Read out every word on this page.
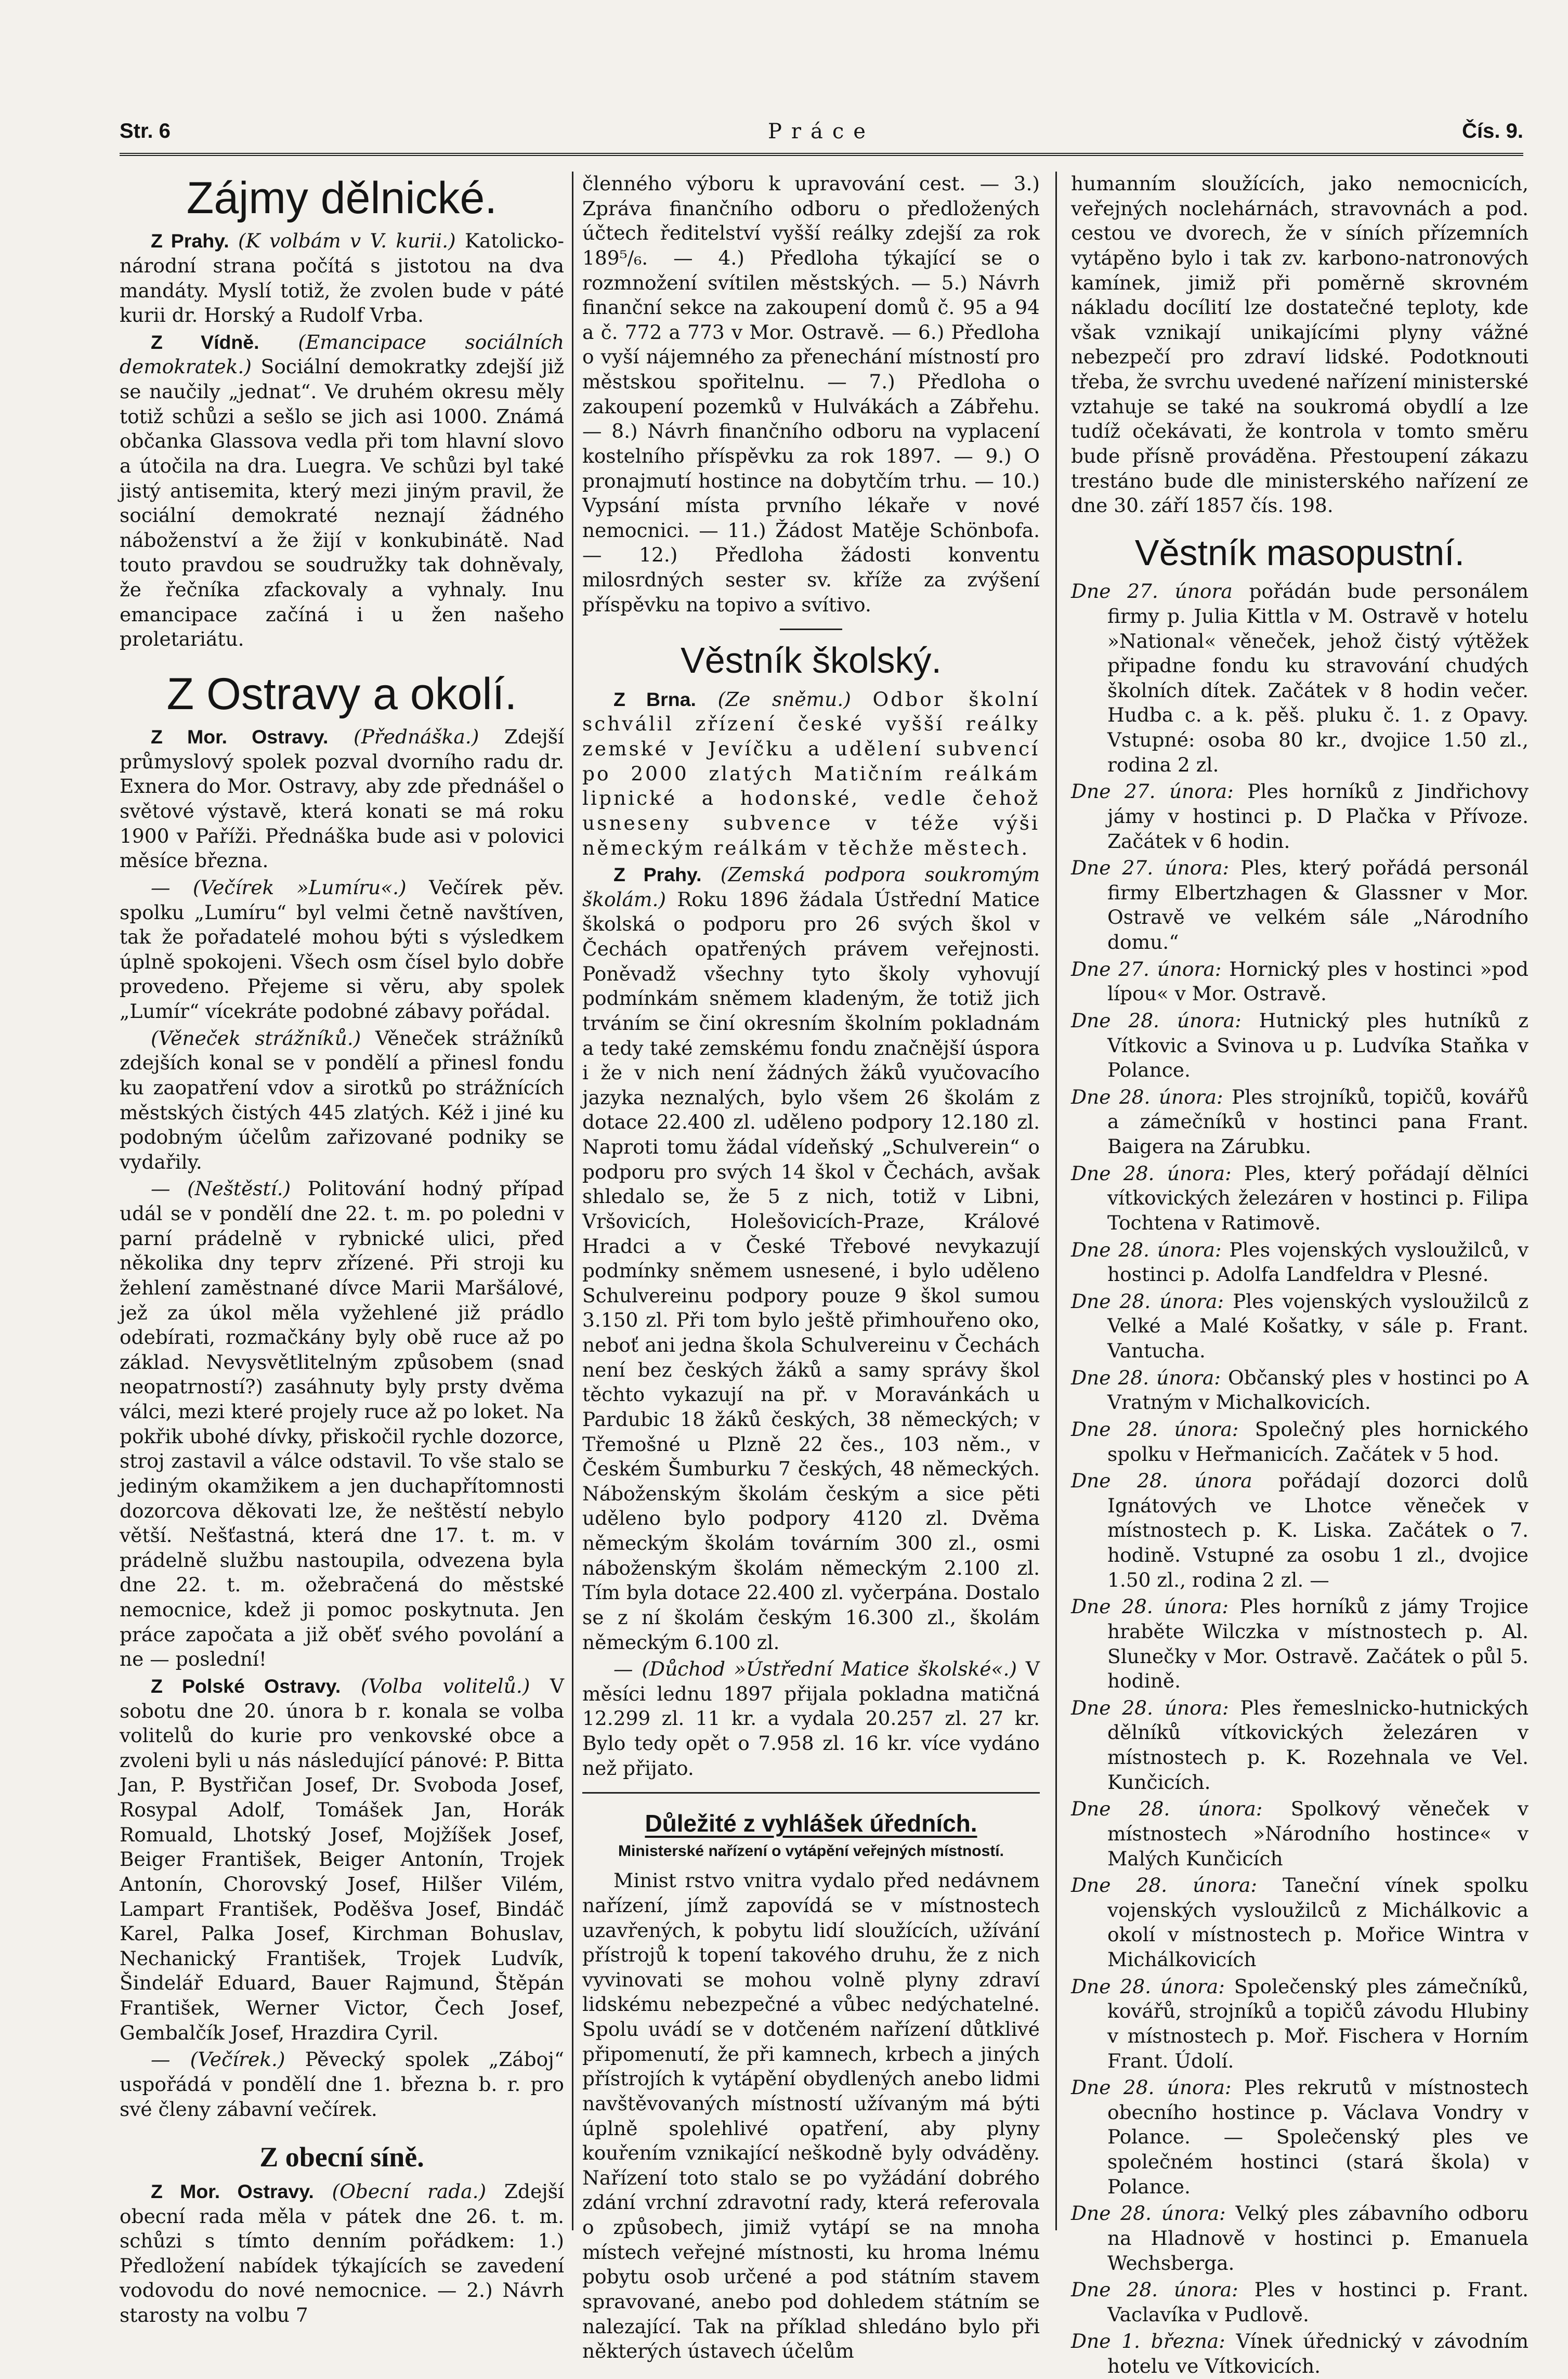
Str. 6	Práce	Čís. 9.
Zájmy dělnické.

Z Prahy. (K volbám v V. kurii.) Katolicko-národní strana počítá s jistotou na dva mandáty. Myslí totiž, že zvolen bude v páté kurii dr. Horský a Rudolf Vrba.

Z Vídně. (Emancipace sociálních demokratek.) Sociální demokratky zdejší již se naučily „jednat“. Ve druhém okresu měly totiž schůzi a sešlo se jich asi 1000. Známá občanka Glassova vedla při tom hlavní slovo a útočila na dra. Luegra. Ve schůzi byl také jistý antisemita, který mezi jiným pravil, že sociální demokraté neznají žádného náboženství a že žijí v konkubinátě. Nad touto pravdou se soudružky tak dohněvaly, že řečníka zfackovaly a vyhnaly. Inu emancipace začíná i u žen našeho proletariátu.

Z Ostravy a okolí.

Z Mor. Ostravy. (Přednáška.) Zdejší průmyslový spolek pozval dvorního radu dr. Exnera do Mor. Ostravy, aby zde přednášel o světové výstavě, která konati se má roku 1900 v Paříži. Přednáška bude asi v polovici měsíce března.

— (Večírek »Lumíru«.) Večírek pěv. spolku „Lumíru“ byl velmi četně navštíven, tak že pořadatelé mohou býti s výsledkem úplně spokojeni. Všech osm čísel bylo dobře provedeno. Přejeme si věru, aby spolek „Lumír“ vícekráte podobné zábavy pořádal.

(Věneček strážníků.) Věneček strážníků zdejších konal se v pondělí a přinesl fondu ku zaopatření vdov a sirotků po strážnících městských čistých 445 zlatých. Kéž i jiné ku podobným účelům zařizované podniky se vydařily.

— (Neštěstí.) Politování hodný případ udál se v pondělí dne 22. t. m. po poledni v parní prádelně v rybnické ulici, před několika dny teprv zřízené. Při stroji ku žehlení zaměstnané dívce Marii Maršálové, jež za úkol měla vyžehlené již prádlo odebírati, rozmačkány byly obě ruce až po základ. Nevysvětlitelným způsobem (snad neopatrností?) zasáhnuty byly prsty dvěma válci, mezi které projely ruce až po loket. Na pokřik ubohé dívky, přiskočil rychle dozorce, stroj zastavil a válce odstavil. To vše stalo se jediným okamžikem a jen duchapřítomnosti dozorcova děkovati lze, že neštěstí nebylo větší. Nešťastná, která dne 17. t. m. v prádelně službu nastoupila, odvezena byla dne 22. t. m. ožebračená do městské nemocnice, kdež ji pomoc poskytnuta. Jen práce započata a již oběť svého povolání a ne — poslední!

Z Polské Ostravy. (Volba volitelů.) V sobotu dne 20. února b r. konala se volba volitelů do kurie pro venkovské obce a zvoleni byli u nás následující pánové: P. Bitta Jan, P. Bystřičan Josef, Dr. Svoboda Josef, Rosypal Adolf, Tomášek Jan, Horák Romuald, Lhotský Josef, Mojžíšek Josef, Beiger František, Beiger Antonín, Trojek Antonín, Chorovský Josef, Hilšer Vilém, Lampart František, Poděšva Josef, Bindáč Karel, Palka Josef, Kirchman Bohuslav, Nechanický František, Trojek Ludvík, Šindelář Eduard, Bauer Rajmund, Štěpán František, Werner Victor, Čech Josef, Gembalčík Josef, Hrazdira Cyril.

— (Večírek.) Pěvecký spolek „Záboj“ uspořádá v pondělí dne 1. března b. r. pro své členy zábavní večírek.

Z obecní síně.

Z Mor. Ostravy. (Obecní rada.) Zdejší obecní rada měla v pátek dne 26. t. m. schůzi s tímto denním pořádkem: 1.) Předložení nabídek týkajících se zavedení vodovodu do nové nemocnice. — 2.) Návrh starosty na volbu 7

členného výboru k upravování cest. — 3.) Zpráva finančního odboru o předložených účtech ředitelství vyšší reálky zdejší za rok 189⁵/₆. — 4.) Předloha týkající se o rozmnožení svítilen městských. — 5.) Návrh finanční sekce na zakoupení domů č. 95 a 94 a č. 772 a 773 v Mor. Ostravě. — 6.) Předloha o vyší nájemného za přenechání místností pro městskou spořitelnu. — 7.) Předloha o zakoupení pozemků v Hulvákách a Zábřehu. — 8.) Návrh finančního odboru na vyplacení kostelního příspěvku za rok 1897. — 9.) O pronajmutí hostince na dobytčím trhu. — 10.) Vypsání místa prvního lékaře v nové nemocnici. — 11.) Žádost Matěje Schönbofa. — 12.) Předloha žádosti konventu milosrdných sester sv. kříže za zvýšení příspěvku na topivo a svítivo.

Věstník školský.

Z Brna. (Ze sněmu.) Odbor školní schválil zřízení české vyšší reálky zemské v Jevíčku a udělení subvencí po 2000 zlatých Matičním reálkám lipnické a hodonské, vedle čehož usneseny subvence v téže výši německým reálkám v těchže městech.

Z Prahy. (Zemská podpora soukromým školám.) Roku 1896 žádala Ústřední Matice školská o podporu pro 26 svých škol v Čechách opatřených právem veřejnosti. Poněvadž všechny tyto školy vyhovují podmínkám sněmem kladeným, že totiž jich trváním se činí okresním školním pokladnám a tedy také zemskému fondu značnější úspora i že v nich není žádných žáků vyučovacího jazyka neznalých, bylo všem 26 školám z dotace 22.400 zl. uděleno podpory 12.180 zl. Naproti tomu žádal vídeňský „Schulverein“ o podporu pro svých 14 škol v Čechách, avšak shledalo se, že 5 z nich, totiž v Libni, Vršovicích, Holešovicích-Praze, Králové Hradci a v České Třebové nevykazují podmínky sněmem usnesené, i bylo uděleno Schulvereinu podpory pouze 9 škol sumou 3.150 zl. Při tom bylo ještě přimhouřeno oko, neboť ani jedna škola Schulvereinu v Čechách není bez českých žáků a samy správy škol těchto vykazují na př. v Moravánkách u Pardubic 18 žáků českých, 38 německých; v Třemošné u Plzně 22 čes., 103 něm., v Českém Šumburku 7 českých, 48 německých. Náboženským školám českým a sice pěti uděleno bylo podpory 4120 zl. Dvěma německým školám továrním 300 zl., osmi náboženským školám německým 2.100 zl. Tím byla dotace 22.400 zl. vyčerpána. Dostalo se z ní školám českým 16.300 zl., školám německým 6.100 zl.

— (Důchod »Ústřední Matice školské«.) V měsíci lednu 1897 přijala pokladna matičná 12.299 zl. 11 kr. a vydala 20.257 zl. 27 kr. Bylo tedy opět o 7.958 zl. 16 kr. více vydáno než přijato.

Důležité z vyhlášek úředních.
Ministerské nařízení o vytápění veřejných místností.

Minist rstvo vnitra vydalo před nedávnem nařízení, jímž zapovídá se v místnostech uzavřených, k pobytu lidí sloužících, užívání přístrojů k topení takového druhu, že z nich vyvinovati se mohou volně plyny zdraví lidskému nebezpečné a vůbec nedýchatelné. Spolu uvádí se v dotčeném nařízení důtklivé připomenutí, že při kamnech, krbech a jiných přístrojích k vytápění obydlených anebo lidmi navštěvovaných místností užívaným má býti úplně spolehlivé opatření, aby plyny kouřením vznikající neškodně byly odváděny. Nařízení toto stalo se po vyžádání dobrého zdání vrchní zdravotní rady, která referovala o způsobech, jimiž vytápí se na mnoha místech veřejné místnosti, ku hroma lnému pobytu osob určené a pod státním stavem spravované, anebo pod dohledem státním se nalezající. Tak na příklad shledáno bylo při některých ústavech účelům

humanním sloužících, jako nemocnicích, veřejných noclehárnách, stravovnách a pod. cestou ve dvorech, že v síních přízemních vytápěno bylo i tak zv. karbono-natronových kamínek, jimiž při poměrně skrovném nákladu docílití lze dostatečné teploty, kde však vznikají unikajícími plyny vážné nebezpečí pro zdraví lidské. Podotknouti třeba, že svrchu uvedené nařízení ministerské vztahuje se také na soukromá obydlí a lze tudíž očekávati, že kontrola v tomto směru bude přísně prováděna. Přestoupení zákazu trestáno bude dle ministerského nařízení ze dne 30. září 1857 čís. 198.

Věstník masopustní.

Dne 27. února pořádán bude personálem firmy p. Julia Kittla v M. Ostravě v hotelu »National« věneček, jehož čistý výtěžek připadne fondu ku stravování chudých školních dítek. Začátek v 8 hodin večer. Hudba c. a k. pěš. pluku č. 1. z Opavy. Vstupné: osoba 80 kr., dvojice 1.50 zl., rodina 2 zl.

Dne 27. února: Ples horníků z Jindřichovy jámy v hostinci p. D Plačka v Přívoze. Začátek v 6 hodin.

Dne 27. února: Ples, který pořádá personál firmy Elbertzhagen & Glassner v Mor. Ostravě ve velkém sále „Národního domu.“

Dne 27. února: Hornický ples v hostinci »pod lípou« v Mor. Ostravě.

Dne 28. února: Hutnický ples hutníků z Vítkovic a Svinova u p. Ludvíka Staňka v Polance.

Dne 28. února: Ples strojníků, topičů, kovářů a zámečníků v hostinci pana Frant. Baigera na Zárubku.

Dne 28. února: Ples, který pořádají dělníci vítkovických železáren v hostinci p. Filipa Tochtena v Ratimově.

Dne 28. února: Ples vojenských vysloužilců, v hostinci p. Adolfa Landfeldra v Plesné.

Dne 28. února: Ples vojenských vysloužilců z Velké a Malé Košatky, v sále p. Frant. Vantucha.

Dne 28. února: Občanský ples v hostinci po A Vratným v Michalkovicích.

Dne 28. února: Společný ples hornického spolku v Heřmanicích. Začátek v 5 hod.

Dne 28. února pořádají dozorci dolů Ignátových ve Lhotce věneček v místnostech p. K. Liska. Začátek o 7. hodině. Vstupné za osobu 1 zl., dvojice 1.50 zl., rodina 2 zl. —

Dne 28. února: Ples horníků z jámy Trojice hraběte Wilczka v místnostech p. Al. Slunečky v Mor. Ostravě. Začátek o půl 5. hodině.

Dne 28. února: Ples řemeslnicko-hutnických dělníků vítkovických železáren v místnostech p. K. Rozehnala ve Vel. Kunčicích.

Dne 28. února: Spolkový věneček v místnostech »Národního hostince« v Malých Kunčicích

Dne 28. února: Taneční vínek spolku vojenských vysloužilců z Michálkovic a okolí v místnostech p. Mořice Wintra v Michálkovicích

Dne 28. února: Společenský ples zámečníků, kovářů, strojníků a topičů závodu Hlubiny v místnostech p. Moř. Fischera v Horním Frant. Údolí.

Dne 28. února: Ples rekrutů v místnostech obecního hostince p. Václava Vondry v Polance. — Společenský ples ve společném hostinci (stará škola) v Polance.

Dne 28. února: Velký ples zábavního odboru na Hladnově v hostinci p. Emanuela Wechsberga.

Dne 28. února: Ples v hostinci p. Frant. Vaclavíka v Pudlově.

Dne 1. března: Vínek úřednický v závodním hotelu ve Vítkovicích.
